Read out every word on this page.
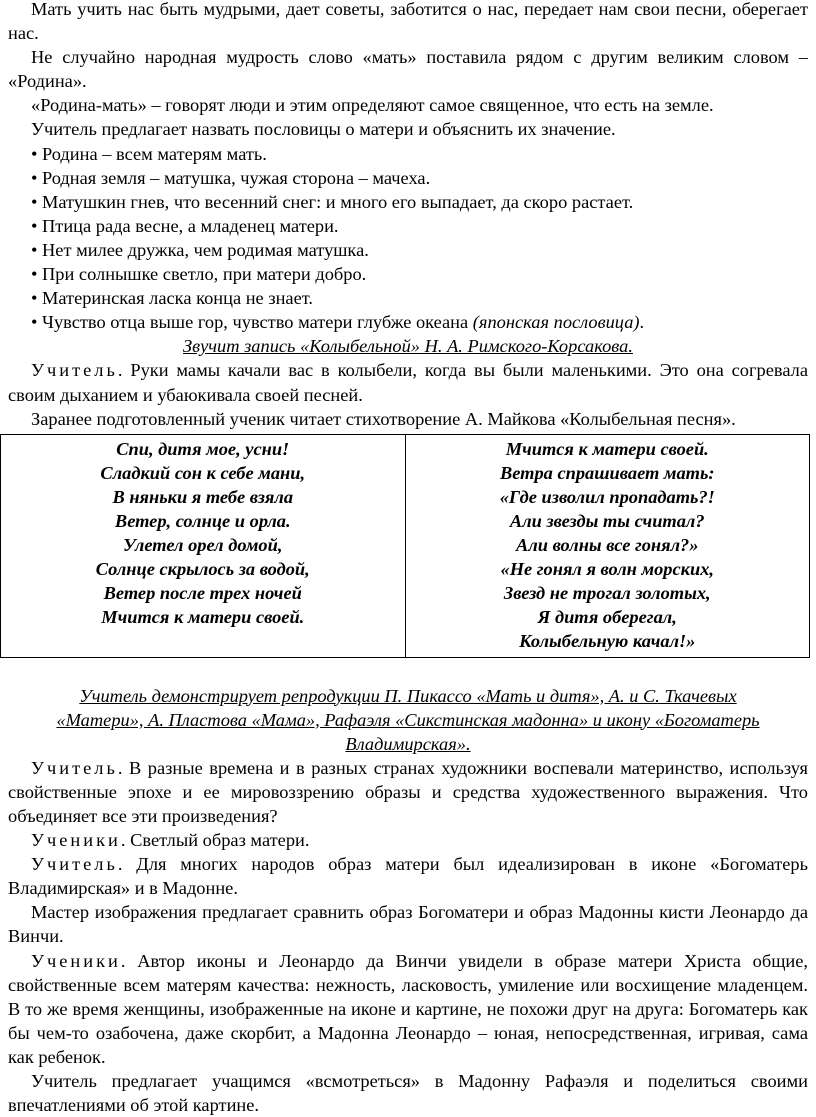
Мать учить нас быть мудрыми, дает советы, заботится о нас, передает нам свои песни, оберегает нас.

Не случайно народная мудрость слово «мать» поставила рядом с другим великим словом – «Родина».

«Родина-мать» – говорят люди и этим определяют самое священное, что есть на земле.

Учитель предлагает назвать пословицы о матери и объяснить их значение.

• Родина – всем матерям мать.

• Родная земля – матушка, чужая сторона – мачеха.

• Матушкин гнев, что весенний снег: и много его выпадает, да скоро растает.

• Птица рада весне, а младенец матери.

• Нет милее дружка, чем родимая матушка.

• При солнышке светло, при матери добро.

• Материнская ласка конца не знает.

• Чувство отца выше гор, чувство матери глубже океана (японская пословица).

Звучит запись «Колыбельной» Н. А. Римского-Корсакова.

Учитель. Руки мамы качали вас в колыбели, когда вы были маленькими. Это она согревала своим дыханием и убаюкивала своей песней.

Заранее подготовленный ученик читает стихотворение А. Майкова «Колыбельная песня».

Спи, дитя мое, усни!
Сладкий сон к себе мани,
В няньки я тебе взяла
Ветер, солнце и орла.
Улетел орел домой,
Солнце скрылось за водой,
Ветер после трех ночей
Мчится к матери своей.

Мчится к матери своей.
Ветра спрашивает мать:
«Где изволил пропадать?!
Али звезды ты считал?
Али волны все гонял?»
«Не гонял я волн морских,
Звезд не трогал золотых,
Я дитя оберегал,
Колыбельную качал!»

Учитель демонстрирует репродукции П. Пикассо «Мать и дитя», А. и С. Ткачевых «Матери», А. Пластова «Мама», Рафаэля «Сикстинская мадонна» и икону «Богоматерь Владимирская».

Учитель. В разные времена и в разных странах художники воспевали материнство, используя свойственные эпохе и ее мировоззрению образы и средства художественного выражения. Что объединяет все эти произведения?

Ученики. Светлый образ матери.

Учитель. Для многих народов образ матери был идеализирован в иконе «Богоматерь Владимирская» и в Мадонне.

Мастер изображения предлагает сравнить образ Богоматери и образ Мадонны кисти Леонардо да Винчи.

Ученики. Автор иконы и Леонардо да Винчи увидели в образе матери Христа общие, свойственные всем матерям качества: нежность, ласковость, умиление или восхищение младенцем. В то же время женщины, изображенные на иконе и картине, не похожи друг на друга: Богоматерь как бы чем-то озабочена, даже скорбит, а Мадонна Леонардо – юная, непосредственная, игривая, сама как ребенок.

Учитель предлагает учащимся «всмотреться» в Мадонну Рафаэля и поделиться своими впечатлениями об этой картине.
